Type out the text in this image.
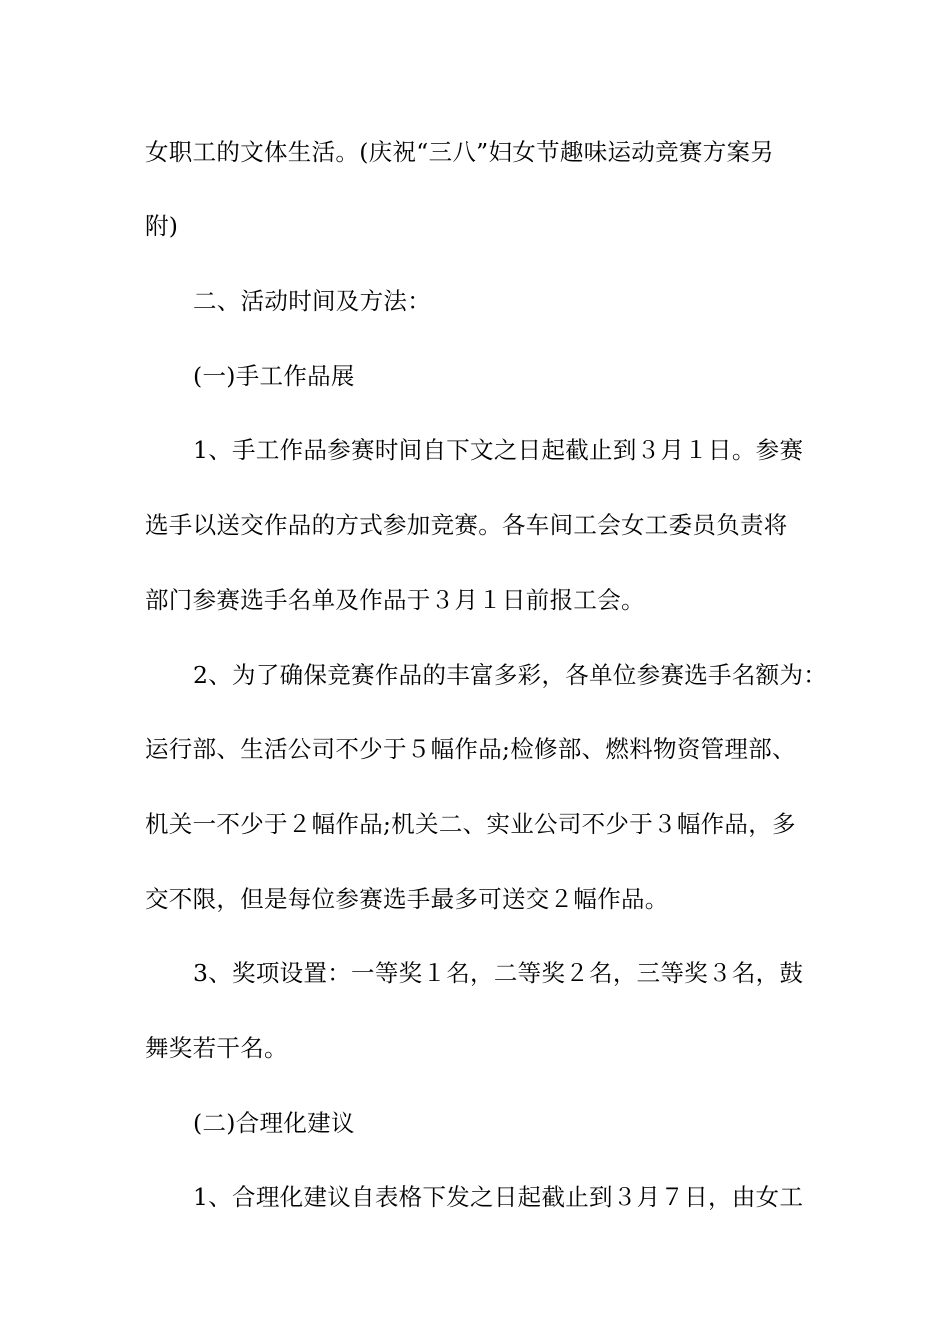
女职工的文体生活。(庆祝“三八”妇女节趣味运动竞赛方案另
附)
二、活动时间及方法：
(一)手工作品展
1、手工作品参赛时间自下文之日起截止到３月１日。参赛
选手以送交作品的方式参加竞赛。各车间工会女工委员负责将
部门参赛选手名单及作品于３月１日前报工会。
2、为了确保竞赛作品的丰富多彩，各单位参赛选手名额为：
运行部、生活公司不少于５幅作品;检修部、燃料物资管理部、
机关一不少于２幅作品;机关二、实业公司不少于３幅作品，多
交不限，但是每位参赛选手最多可送交２幅作品。
3、奖项设置：一等奖１名，二等奖２名，三等奖３名，鼓
舞奖若干名。
(二)合理化建议
1、合理化建议自表格下发之日起截止到３月７日，由女工
